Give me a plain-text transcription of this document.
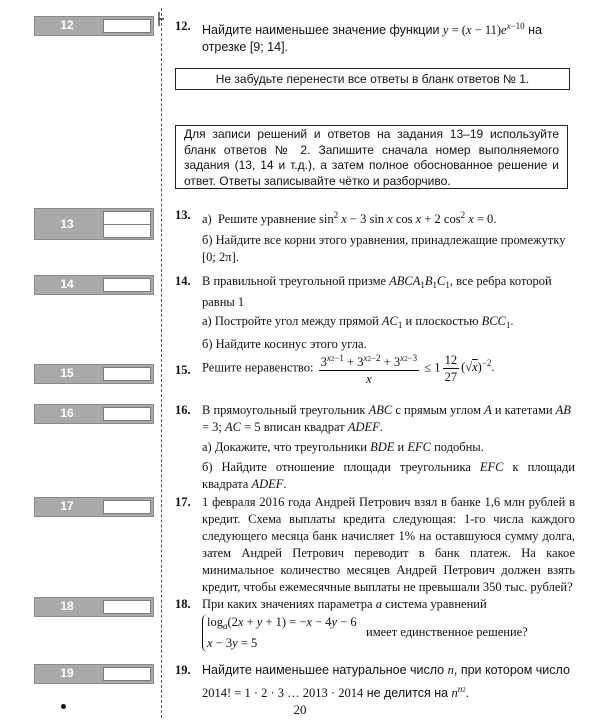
12
13
14
15
16
17
18
19
12. Найдите наименьшее значение функции $y = (x - 11)e^{x-10}$ на отрезке [9; 14].
Не забудьте перенести все ответы в бланк ответов № 1.
Для записи решений и ответов на задания 13–19 используйте бланк ответов № 2. Запишите сначала номер выполняемого задания (13, 14 и т.д.), а затем полное обоснованное решение и ответ. Ответы записывайте чётко и разборчиво.
13. а) Решите уравнение $\sin^2 x - 3$ sin x cos x + 2 $\cos^2 x = 0$.
б) Найдите все корни этого уравнения, принадлежащие промежутку [0; 2π].
14. В правильной треугольной призме $ABCA_1B_1C_1$, все ребра которой равны 1
а) Постройте угол между прямой $AC_1$ и плоскостью $BCC_1$.
б) Найдите косинус этого угла.
15. Решите неравенство: $\frac{3^{x2-1} + 3^{x2-2} + 3^{x2-3}}{x} \le 1 \frac{12}{27} (√x)^{-2}$.
16. В прямоугольный треугольник ABC с прямым углом A и катетами AB = 3; AC = 5 вписан квадрат ADEF.
а) Докажите, что треугольники BDE и EFC подобны.
б) Найдите отношение площади треугольника EFC к площади квадрата ADEF.
17. 1 февраля 2016 года Андрей Петрович взял в банке 1,6 млн рублей в кредит. Схема выплаты кредита следующая: 1-го числа каждого следующего месяца банк начисляет 1% на оставшуюся сумму долга, затем Андрей Петрович переводит в банк платеж. На какое минимальное количество месяцев Андрей Петрович должен взять кредит, чтобы ежемесячные выплаты не превышали 350 тыс. рублей?
18. При каких значениях параметра a система уравнений
$\log_a(2x + y + 1) = -x - 4y - 6$
x − 3y = 5   имеет единственное решение?
19. Найдите наименьшее натуральное число n, при котором число
2014! = 1 · 2 · 3 … 2013 · 2014 не делится на $n^{n2}$.
20
